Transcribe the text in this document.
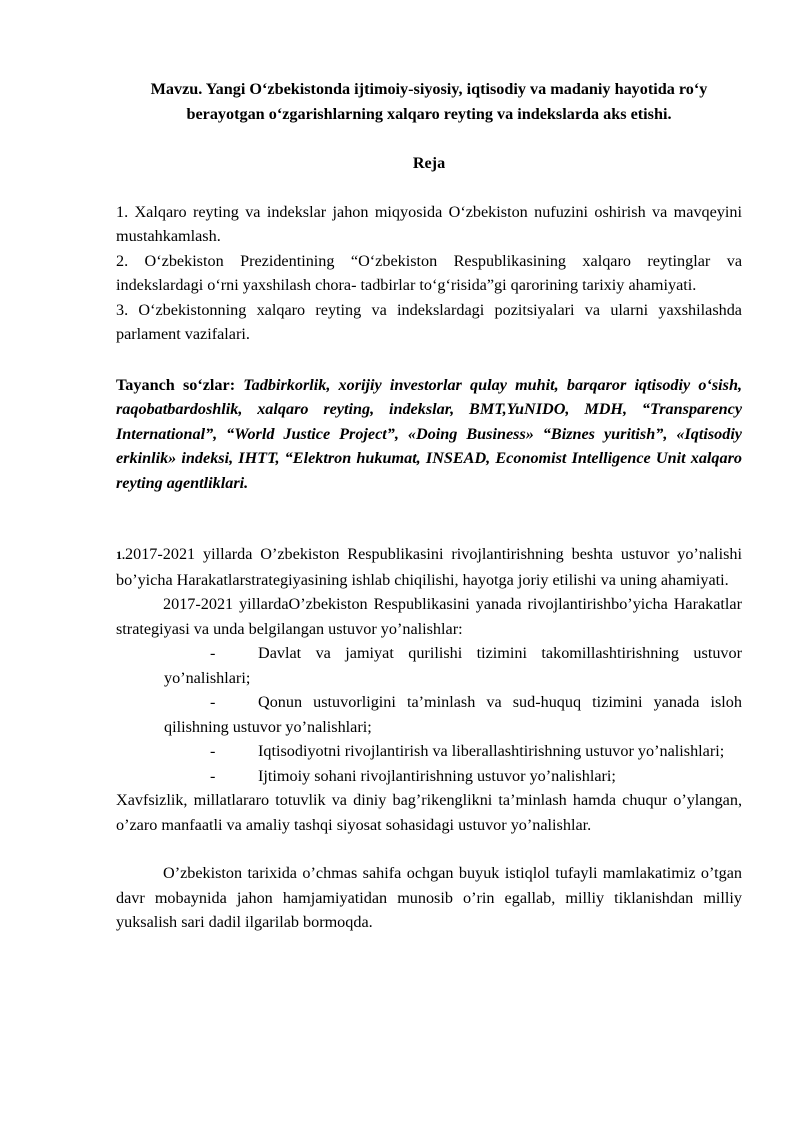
Mavzu. Yangi O‘zbekistonda ijtimoiy-siyosiy, iqtisodiy va madaniy hayotida ro‘y berayotgan o‘zgarishlarning xalqaro reyting va indekslarda aks etishi.

Reja

1. Xalqaro reyting va indekslar jahon miqyosida O‘zbekiston nufuzini oshirish va mavqeyini mustahkamlash.

2. O‘zbekiston Prezidentining “O‘zbekiston Respublikasining xalqaro reytinglar va indekslardagi o‘rni yaxshilash chora- tadbirlar to‘g‘risida”gi qarorining tarixiy ahamiyati.

3. O‘zbekistonning xalqaro reyting va indekslardagi pozitsiyalari va ularni yaxshilashda parlament vazifalari.

Tayanch so‘zlar: Tadbirkorlik, xorijiy investorlar qulay muhit, barqaror iqtisodiy o‘sish, raqobatbardoshlik, xalqaro reyting, indekslar, BMT,YuNIDO, MDH, “Transparency International”, “World Justice Project”, «Doing Business» “Biznes yuritish”, «Iqtisodiy erkinlik» indeksi, IHTT, “Elektron hukumat, INSEAD, Economist Intelligence Unit xalqaro reyting agentliklari.

1.2017-2021 yillarda O’zbekiston Respublikasini rivojlantirishning beshta ustuvor yo’nalishi bo’yicha Harakatlarstrategiyasining ishlab chiqilishi, hayotga joriy etilishi va uning ahamiyati.

2017-2021 yillardaO’zbekiston Respublikasini yanada rivojlantirishbo’yicha Harakatlar strategiyasi va unda belgilangan ustuvor yo’nalishlar:

-	Davlat va jamiyat qurilishi tizimini takomillashtirishning ustuvor yo’nalishlari;
-	Qonun ustuvorligini ta’minlash va sud-huquq tizimini yanada isloh qilishning ustuvor yo’nalishlari;
-	Iqtisodiyotni rivojlantirish va liberallashtirishning ustuvor yo’nalishlari;
-	Ijtimoiy sohani rivojlantirishning ustuvor yo’nalishlari;

Xavfsizlik, millatlararo totuvlik va diniy bag’rikenglikni ta’minlash hamda chuqur o’ylangan, o’zaro manfaatli va amaliy tashqi siyosat sohasidagi ustuvor yo’nalishlar.

O’zbekiston tarixida o’chmas sahifa ochgan buyuk istiqlol tufayli mamlakatimiz o’tgan davr mobaynida jahon hamjamiyatidan munosib o’rin egallab, milliy tiklanishdan milliy yuksalish sari dadil ilgarilab bormoqda.
